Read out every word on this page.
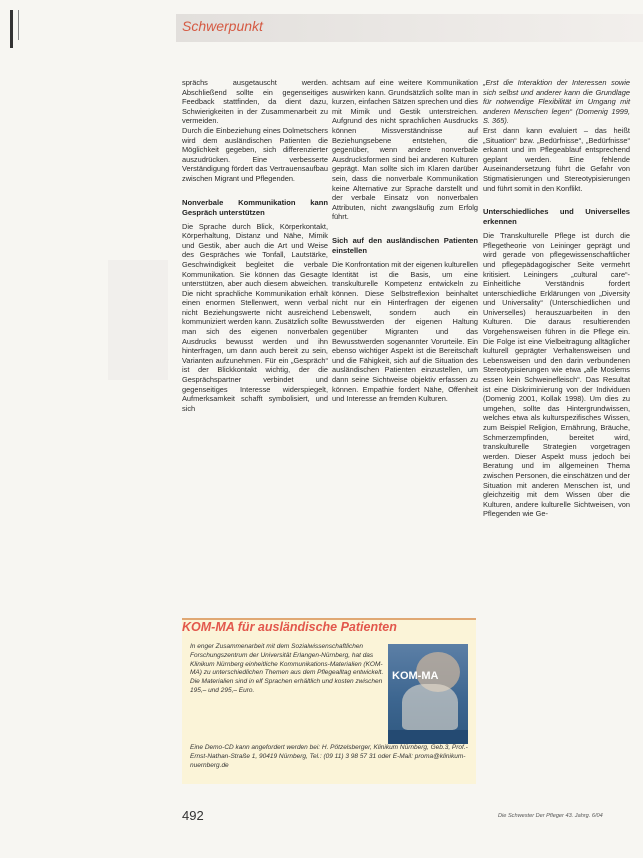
Schwerpunkt

sprächs ausgetauscht werden. Abschließend sollte ein gegenseitiges Feedback stattfinden, da dient dazu, Schwierigkeiten in der Zusammenarbeit zu vermeiden.

Durch die Einbeziehung eines Dolmetschers wird dem ausländischen Patienten die Möglichkeit gegeben, sich differenzierter auszudrücken. Eine verbesserte Verständigung fördert das Vertrauensaufbau zwischen Migrant und Pflegenden.

Nonverbale Kommunikation kann Gespräch unterstützen

Die Sprache durch Blick, Körperkontakt, Körperhaltung, Distanz und Nähe, Mimik und Gestik, aber auch die Art und Weise des Gespräches wie Tonfall, Lautstärke, Geschwindigkeit begleitet die verbale Kommunikation. Sie können das Gesagte unterstützen, aber auch diesem abweichen. Die nicht sprachliche Kommunikation erhält einen enormen Stellenwert, wenn verbal nicht Beziehungswerte nicht ausreichend kommuniziert werden kann. Zusätzlich sollte man sich des eigenen nonverbalen Ausdrucks bewusst werden und ihn hinterfragen, um dann auch bereit zu sein, Varianten aufzunehmen. Für ein „Gespräch“ ist der Blickkontakt wichtig, der die Gesprächspartner verbindet und gegenseitiges Interesse widerspiegelt, Aufmerksamkeit schafft symbolisiert, und sich

achtsam auf eine weitere Kommunikation auswirken kann. Grundsätzlich sollte man in kurzen, einfachen Sätzen sprechen und dies mit Mimik und Gestik unterstreichen. Aufgrund des nicht sprachlichen Ausdrucks können Missverständnisse auf Beziehungsebene entstehen, die gegenüber, wenn andere nonverbale Ausdrucksformen sind bei anderen Kulturen geprägt. Man sollte sich im Klaren darüber sein, dass die nonverbale Kommunikation keine Alternative zur Sprache darstellt und der verbale Einsatz von nonverbalen Attributen, nicht zwangsläufig zum Erfolg führt.

Sich auf den ausländischen Patienten einstellen

Die Konfrontation mit der eigenen kulturellen Identität ist die Basis, um eine transkulturelle Kompetenz entwickeln zu können. Diese Selbstreflexion beinhaltet nicht nur ein Hinterfragen der eigenen Lebenswelt, sondern auch ein Bewusstwerden der eigenen Haltung gegenüber Migranten und das Bewusstwerden sogenannter Vorurteile. Ein ebenso wichtiger Aspekt ist die Bereitschaft und die Fähigkeit, sich auf die Situation des ausländischen Patienten einzustellen, um dann seine Sichtweise objektiv erfassen zu können. Empathie fordert Nähe, Offenheit und Interesse an fremden Kulturen.

„Erst die Interaktion der Interessen sowie sich selbst und anderer kann die Grundlage für notwendige Flexibilität im Umgang mit anderen Menschen legen“ (Domenig 1999, S. 365).

Erst dann kann evaluiert – das heißt „Situation“ bzw. „Bedürfnisse“, „Bedürfnisse“ erkannt und im Pflegeablauf entsprechend geplant werden. Eine fehlende Auseinandersetzung führt die Gefahr von Stigmatisierungen und Stereotypisierungen und führt somit in den Konflikt.

Unterschiedliches und Universelles erkennen

Die Transkulturelle Pflege ist durch die Pflegetheorie von Leininger geprägt und wird gerade von pflegewissenschaftlicher und pflegepädagogischer Seite vermehrt kritisiert. Leiningers „cultural care“-Einheitliche Verständnis fordert unterschiedliche Erklärungen von „Diversity und Universality“ (Unterschiedlichen und Universelles) herauszuarbeiten in den Kulturen. Die daraus resultierenden Vorgehensweisen führen in die Pflege ein. Die Folge ist eine Vielbeitragung alltäglicher kulturell geprägter Verhaltensweisen und Lebensweisen und den darin verbundenen Stereotypisierungen wie etwa „alle Moslems essen kein Schweinefleisch“. Das Resultat ist eine Diskriminierung von der Individuen (Domenig 2001, Kollak 1998). Um dies zu umgehen, sollte das Hintergrundwissen, welches etwa als kulturspezifisches Wissen, zum Beispiel Religion, Ernährung, Bräuche, Schmerzempfinden, bereitet wird, transkulturelle Strategien vorgetragen werden. Dieser Aspekt muss jedoch bei Beratung und im allgemeinen Thema zwischen Personen, die einschätzen und der Situation mit anderen Menschen ist, und gleichzeitig mit dem Wissen über die Kulturen, andere kulturelle Sichtweisen, von Pflegenden wie Ge-

KOM-MA für ausländische Patienten
In enger Zusammenarbeit mit dem Sozialwissenschaftlichen Forschungszentrum der Universität Erlangen-Nürnberg, hat das Klinikum Nürnberg einheitliche Kommunikations-Materialien (KOM-MA) zu unterschiedlichen Themen aus dem Pflegealltag entwickelt. Die Materialien sind in elf Sprachen erhältlich und kosten zwischen 195,– und 295,– Euro.
Eine Demo-CD kann angefordert werden bei: H. Pötzelsberger, Klinikum Nürnberg, Geb.3, Prof.-Ernst-Nathan-Straße 1, 90419 Nürnberg, Tel.: (09 11) 3 98 57 31 oder E-Mail: proma@klinikum-nuernberg.de
KOM-MA
492	Die Schwester Der Pfleger 43. Jahrg. 6/04
